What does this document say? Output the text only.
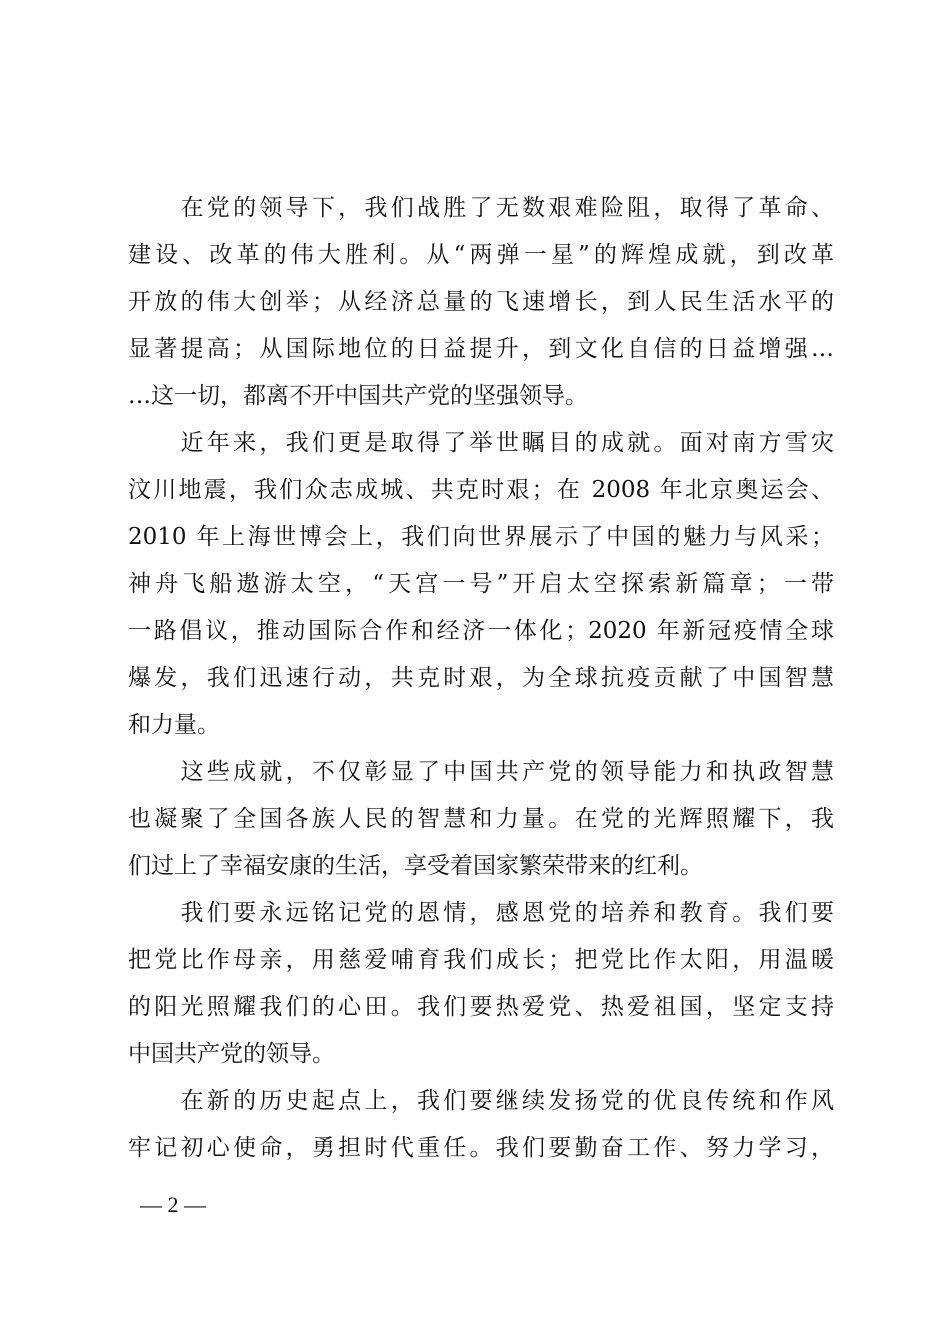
　　在党的领导下，我们战胜了无数艰难险阻，取得了革命、
建设、改革的伟大胜利。从“两弹一星”的辉煌成就，到改革
开放的伟大创举；从经济总量的飞速增长，到人民生活水平的
显著提高；从国际地位的日益提升，到文化自信的日益增强…
…这一切，都离不开中国共产党的坚强领导。
　　近年来，我们更是取得了举世瞩目的成就。面对南方雪灾
汶川地震，我们众志成城、共克时艰；在 2008 年北京奥运会、
2010 年上海世博会上，我们向世界展示了中国的魅力与风采；
神舟飞船遨游太空，“天宫一号”开启太空探索新篇章；一带
一路倡议，推动国际合作和经济一体化；2020 年新冠疫情全球
爆发，我们迅速行动，共克时艰，为全球抗疫贡献了中国智慧
和力量。
　　这些成就，不仅彰显了中国共产党的领导能力和执政智慧
也凝聚了全国各族人民的智慧和力量。在党的光辉照耀下，我
们过上了幸福安康的生活，享受着国家繁荣带来的红利。
　　我们要永远铭记党的恩情，感恩党的培养和教育。我们要
把党比作母亲，用慈爱哺育我们成长；把党比作太阳，用温暖
的阳光照耀我们的心田。我们要热爱党、热爱祖国，坚定支持
中国共产党的领导。
　　在新的历史起点上，我们要继续发扬党的优良传统和作风
牢记初心使命，勇担时代重任。我们要勤奋工作、努力学习，
— 2 —
